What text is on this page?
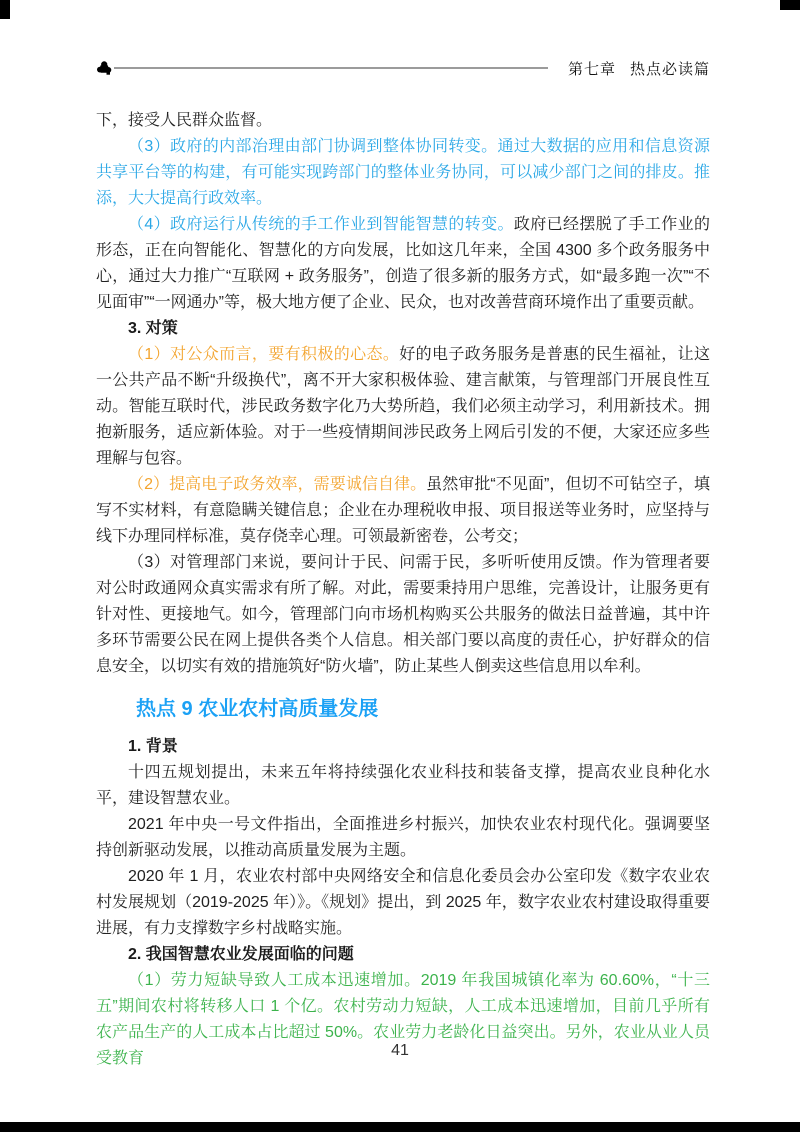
第七章 热点必读篇

下，接受人民群众监督。

（3）政府的内部治理由部门协调到整体协同转变。通过大数据的应用和信息资源共享平台等的构建，有可能实现跨部门的整体业务协同，可以减少部门之间的排皮。推添，大大提高行政效率。

（4）政府运行从传统的手工作业到智能智慧的转变。政府已经摆脱了手工作业的形态，正在向智能化、智慧化的方向发展，比如这几年来，全国 4300 多个政务服务中心，通过大力推广“互联网 + 政务服务”，创造了很多新的服务方式，如“最多跑一次”“不见面审”“一网通办”等，极大地方便了企业、民众，也对改善营商环境作出了重要贡献。

3. 对策

（1）对公众而言，要有积极的心态。好的电子政务服务是普惠的民生福祉，让这一公共产品不断“升级换代”，离不开大家积极体验、建言献策，与管理部门开展良性互动。智能互联时代，涉民政务数字化乃大势所趋，我们必须主动学习，利用新技术。拥抱新服务，适应新体验。对于一些疫情期间涉民政务上网后引发的不便，大家还应多些理解与包容。

（2）提高电子政务效率，需要诚信自律。虽然审批“不见面”，但切不可钻空子，填写不实材料，有意隐瞒关键信息；企业在办理税收申报、项目报送等业务时，应坚持与线下办理同样标准，莫存侥幸心理。可领最新密卷，公考交；

（3）对管理部门来说，要问计于民、问需于民，多听听使用反馈。作为管理者要对公时政通网众真实需求有所了解。对此，需要秉持用户思维，完善设计，让服务更有针对性、更接地气。如今，管理部门向市场机构购买公共服务的做法日益普遍，其中许多环节需要公民在网上提供各类个人信息。相关部门要以高度的责任心，护好群众的信息安全，以切实有效的措施筑好“防火墙”，防止某些人倒卖这些信息用以牟利。

热点 9 农业农村高质量发展

1. 背景

十四五规划提出，未来五年将持续强化农业科技和装备支撑，提高农业良种化水平，建设智慧农业。

2021 年中央一号文件指出，全面推进乡村振兴，加快农业农村现代化。强调要坚持创新驱动发展，以推动高质量发展为主题。

2020 年 1 月，农业农村部中央网络安全和信息化委员会办公室印发《数字农业农村发展规划（2019-2025 年）》。《规划》提出，到 2025 年，数字农业农村建设取得重要进展，有力支撑数字乡村战略实施。

2. 我国智慧农业发展面临的问题

（1）劳力短缺导致人工成本迅速增加。2019 年我国城镇化率为 60.60%，“十三五”期间农村将转移人口 1 个亿。农村劳动力短缺，人工成本迅速增加，目前几乎所有农产品生产的人工成本占比超过 50%。农业劳力老龄化日益突出。另外，农业从业人员受教育	41
